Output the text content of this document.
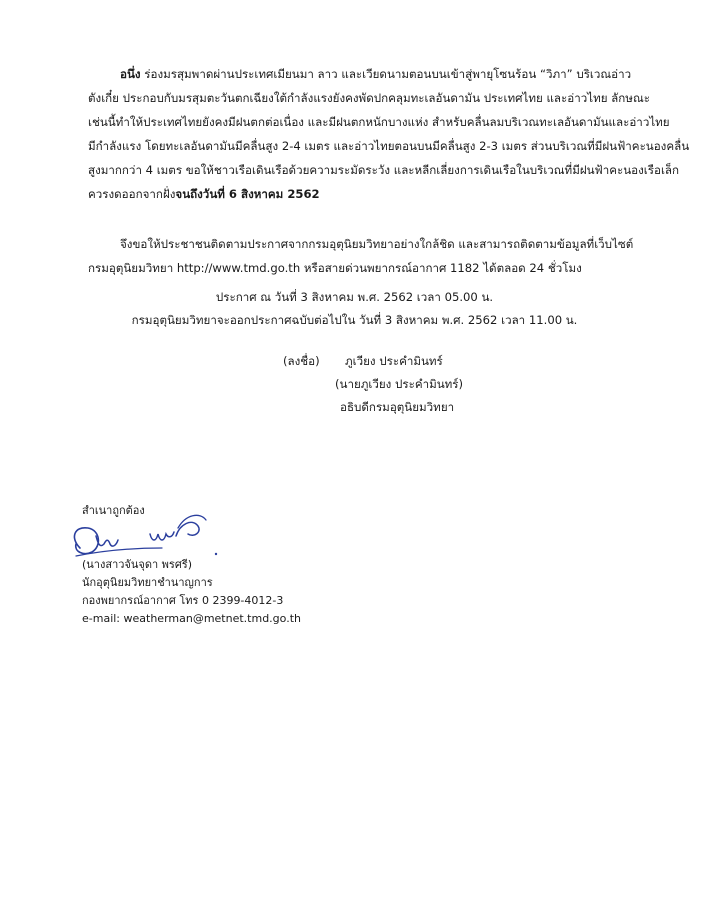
อนึ่ง ร่องมรสุมพาดผ่านประเทศเมียนมา ลาว และเวียดนามตอนบนเข้าสู่พายุโซนร้อน “วิภา” บริเวณอ่าว
ตังเกี๋ย ประกอบกับมรสุมตะวันตกเฉียงใต้กำลังแรงยังคงพัดปกคลุมทะเลอันดามัน ประเทศไทย และอ่าวไทย ลักษณะ
เช่นนี้ทำให้ประเทศไทยยังคงมีฝนตกต่อเนื่อง และมีฝนตกหนักบางแห่ง สำหรับคลื่นลมบริเวณทะเลอันดามันและอ่าวไทย
มีกำลังแรง โดยทะเลอันดามันมีคลื่นสูง 2-4 เมตร และอ่าวไทยตอนบนมีคลื่นสูง 2-3 เมตร ส่วนบริเวณที่มีฝนฟ้าคะนองคลื่น
สูงมากกว่า 4 เมตร ขอให้ชาวเรือเดินเรือด้วยความระมัดระวัง และหลีกเลี่ยงการเดินเรือในบริเวณที่มีฝนฟ้าคะนองเรือเล็ก
ควรงดออกจากฝั่งจนถึงวันที่ 6 สิงหาคม 2562
จึงขอให้ประชาชนติดตามประกาศจากกรมอุตุนิยมวิทยาอย่างใกล้ชิด และสามารถติดตามข้อมูลที่เว็บไซต์
กรมอุตุนิยมวิทยา http://www.tmd.go.th หรือสายด่วนพยากรณ์อากาศ 1182 ได้ตลอด 24 ชั่วโมง
ประกาศ ณ วันที่ 3 สิงหาคม พ.ศ. 2562 เวลา 05.00 น.
กรมอุตุนิยมวิทยาจะออกประกาศฉบับต่อไปใน วันที่ 3 สิงหาคม พ.ศ. 2562 เวลา 11.00 น.
(ลงชื่อ) ภูเวียง ประคำมินทร์
(นายภูเวียง ประคำมินทร์)
อธิบดีกรมอุตุนิยมวิทยา
สำเนาถูกต้อง
(นางสาวจันจุดา พรศรี)
นักอุตุนิยมวิทยาชำนาญการ
กองพยากรณ์อากาศ โทร 0 2399-4012-3
e-mail: weatherman@metnet.tmd.go.th
